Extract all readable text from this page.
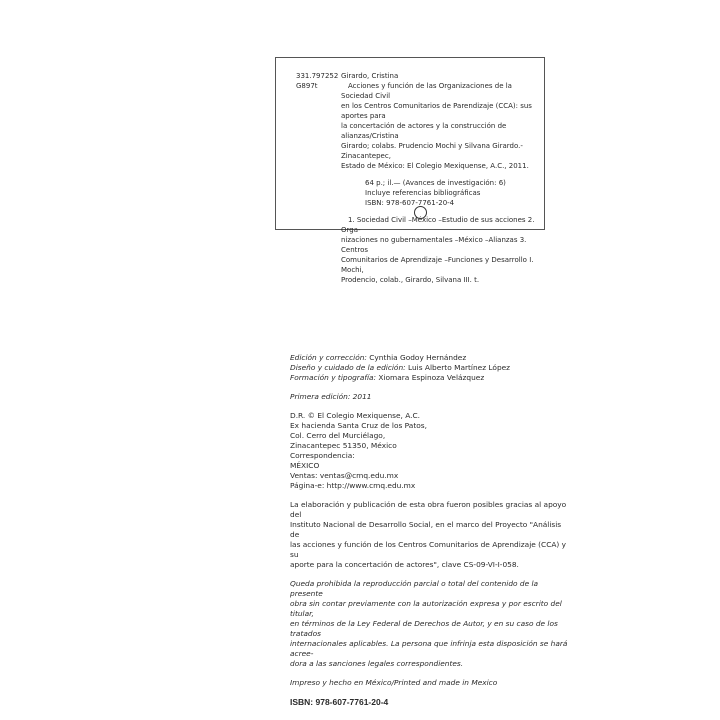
331.797252
G897t

Girardo, Cristina

Acciones y función de las Organizaciones de la Sociedad Civil

en los Centros Comunitarios de Parendizaje (CCA): sus aportes para

la concertación de actores y la construcción de alianzas/Cristina

Girardo; colabs. Prudencio Mochi y Silvana Girardo.- Zinacantepec,

Estado de México: El Colegio Mexiquense, A.C., 2011.

64 p.; il.— (Avances de investigación: 6)

Incluye referencias bibliográficas

ISBN: 978-607-7761-20-4

1. Sociedad Civil –México –Estudio de sus acciones 2. Orga-

nizaciones no gubernamentales –México –Alianzas 3. Centros

Comunitarios de Aprendizaje –Funciones y Desarrollo I. Mochi,

Prodencio, colab., Girardo, Silvana III. t.

Edición y corrección: Cynthia Godoy Hernández

Diseño y cuidado de la edición: Luis Alberto Martínez López

Formación y tipografía: Xiomara Espinoza Velázquez

Primera edición: 2011

D.R. © El Colegio Mexiquense, A.C.

Ex hacienda Santa Cruz de los Patos,

Col. Cerro del Murciélago,

Zinacantepec 51350, México

Correspondencia:

MÉXICO

Ventas: ventas@cmq.edu.mx

Página-e: http://www.cmq.edu.mx

La elaboración y publicación de esta obra fueron posibles gracias al apoyo del

Instituto Nacional de Desarrollo Social, en el marco del Proyecto "Análisis de

las acciones y función de los Centros Comunitarios de Aprendizaje (CCA) y su

aporte para la concertación de actores", clave CS-09-VI-I-058.

Queda prohibida la reproducción parcial o total del contenido de la presente

obra sin contar previamente con la autorización expresa y por escrito del titular,

en términos de la Ley Federal de Derechos de Autor, y en su caso de los tratados

internacionales aplicables. La persona que infrinja esta disposición se hará acree-

dora a las sanciones legales correspondientes.

Impreso y hecho en México/Printed and made in Mexico

ISBN: 978-607-7761-20-4
